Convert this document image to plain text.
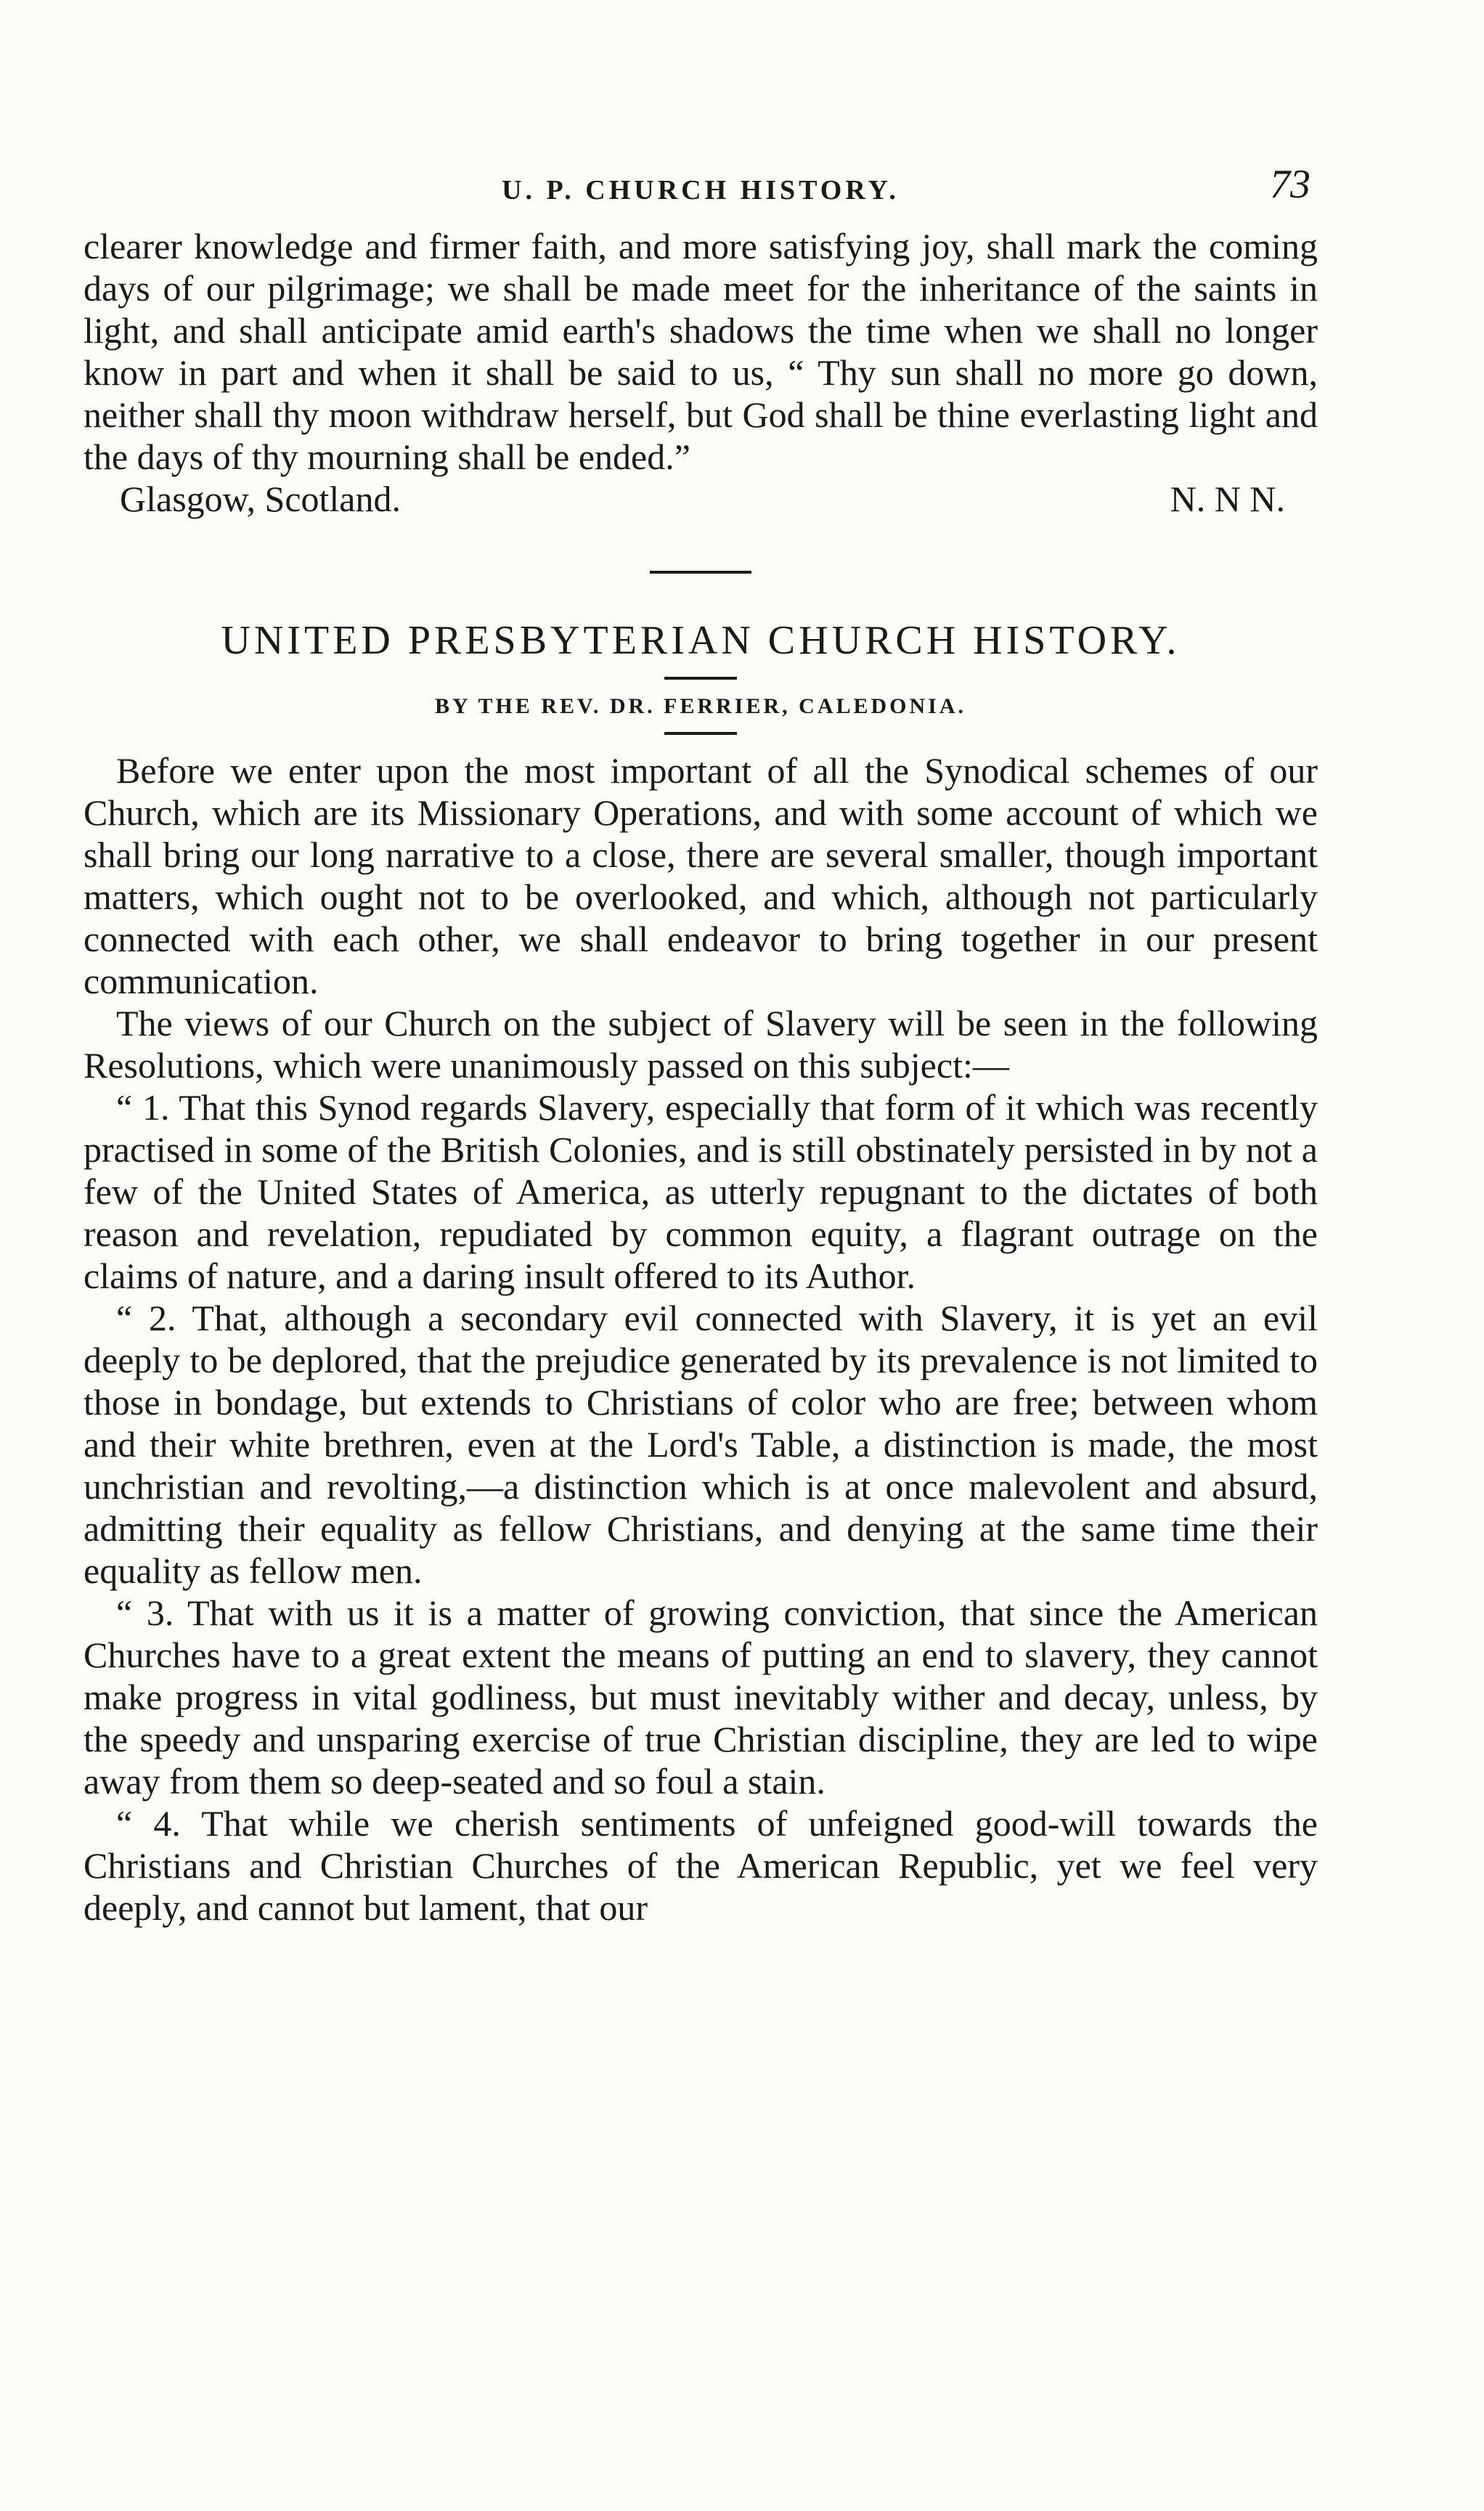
U. P. CHURCH HISTORY.	73

clearer knowledge and firmer faith, and more satisfying joy, shall mark the coming days of our pilgrimage; we shall be made meet for the inheritance of the saints in light, and shall anticipate amid earth's shadows the time when we shall no longer know in part and when it shall be said to us, “ Thy sun shall no more go down, neither shall thy moon withdraw herself, but God shall be thine everlasting light and the days of thy mourning shall be ended.”

Glasgow, Scotland.	N. N N.
UNITED PRESBYTERIAN CHURCH HISTORY.

BY THE REV. DR. FERRIER, CALEDONIA.

Before we enter upon the most important of all the Synodical schemes of our Church, which are its Missionary Operations, and with some account of which we shall bring our long narrative to a close, there are several smaller, though important matters, which ought not to be overlooked, and which, although not particularly connected with each other, we shall endeavor to bring together in our present communication.

The views of our Church on the subject of Slavery will be seen in the following Resolutions, which were unanimously passed on this subject:—

“ 1. That this Synod regards Slavery, especially that form of it which was recently practised in some of the British Colonies, and is still obstinately persisted in by not a few of the United States of America, as utterly repugnant to the dictates of both reason and revelation, repudiated by common equity, a flagrant outrage on the claims of nature, and a daring insult offered to its Author.

“ 2. That, although a secondary evil connected with Slavery, it is yet an evil deeply to be deplored, that the prejudice generated by its prevalence is not limited to those in bondage, but extends to Christians of color who are free; between whom and their white brethren, even at the Lord's Table, a distinction is made, the most unchristian and revolting,—a distinction which is at once malevolent and absurd, admitting their equality as fellow Christians, and denying at the same time their equality as fellow men.

“ 3. That with us it is a matter of growing conviction, that since the American Churches have to a great extent the means of putting an end to slavery, they cannot make progress in vital godliness, but must inevitably wither and decay, unless, by the speedy and unsparing exercise of true Christian discipline, they are led to wipe away from them so deep-seated and so foul a stain.

“ 4. That while we cherish sentiments of unfeigned good-will towards the Christians and Christian Churches of the American Republic, yet we feel very deeply, and cannot but lament, that our
